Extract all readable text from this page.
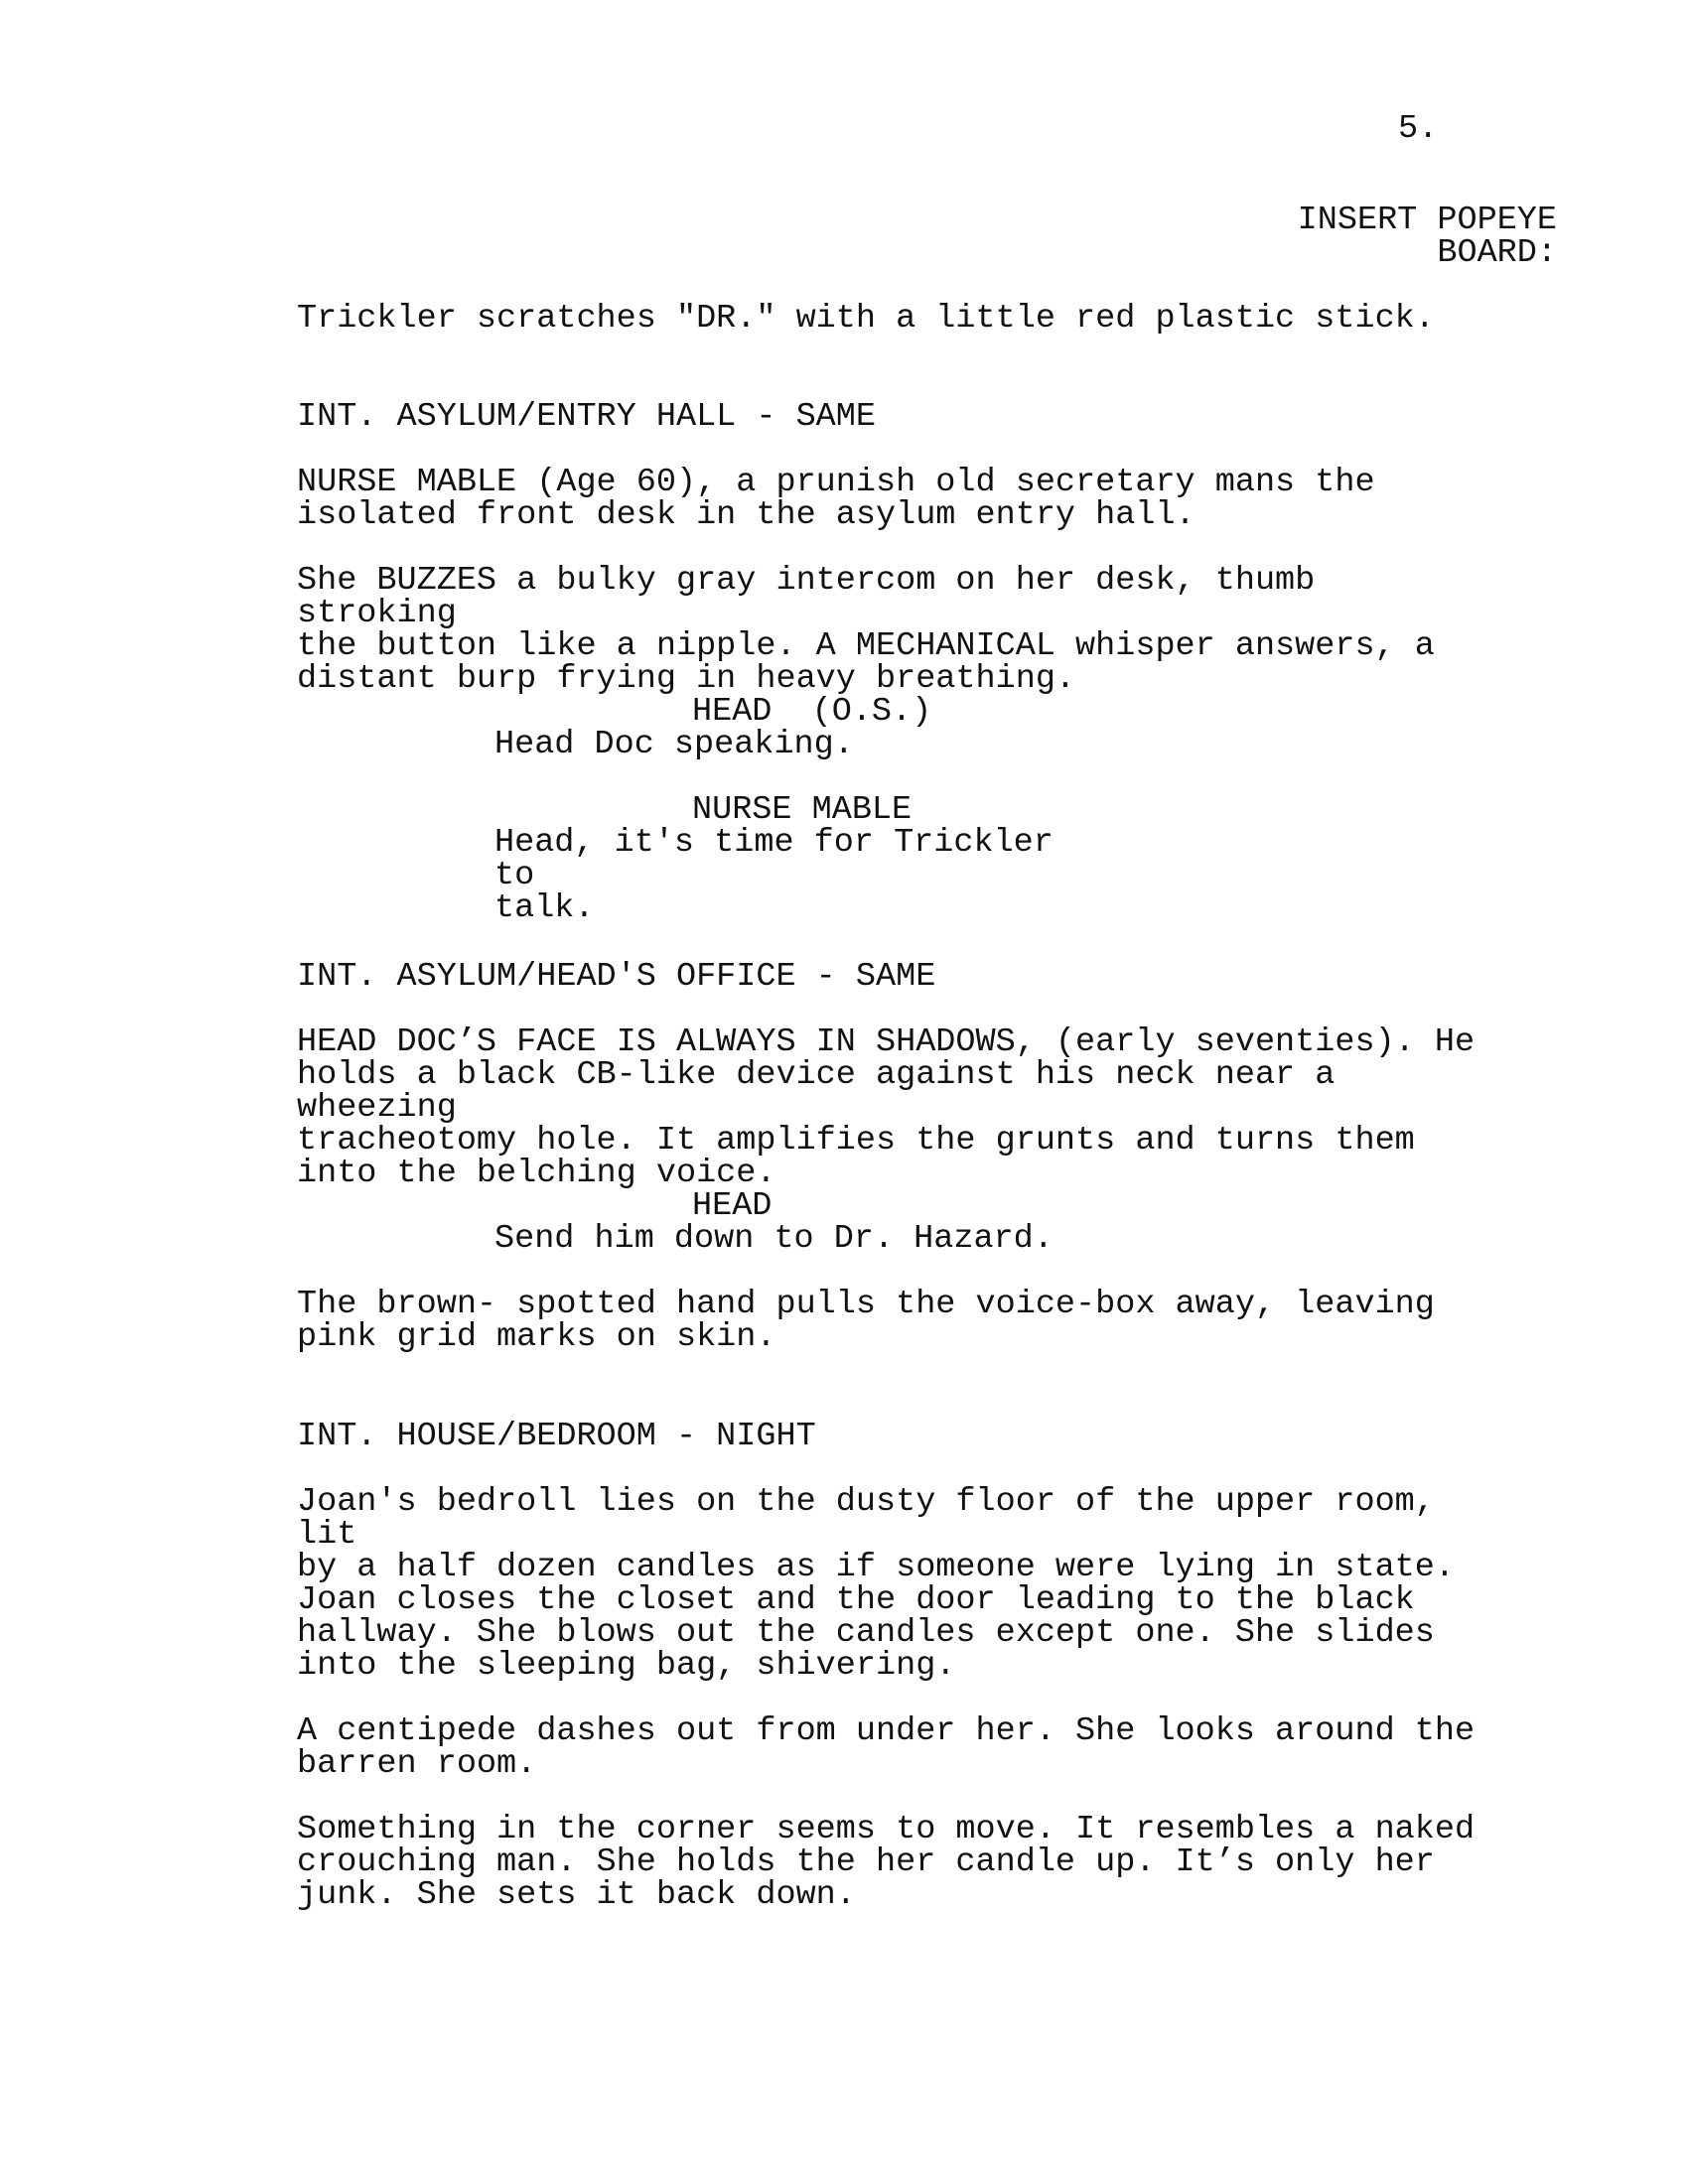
5.
INSERT POPEYE
BOARD:
Trickler scratches "DR." with a little red plastic stick.
INT. ASYLUM/ENTRY HALL - SAME
NURSE MABLE (Age 60), a prunish old secretary mans the
isolated front desk in the asylum entry hall.
She BUZZES a bulky gray intercom on her desk, thumb stroking
the button like a nipple. A MECHANICAL whisper answers, a
distant burp frying in heavy breathing.
HEAD  (O.S.)
Head Doc speaking.
NURSE MABLE
Head, it's time for Trickler to
talk.
INT. ASYLUM/HEAD'S OFFICE - SAME
HEAD DOC’S FACE IS ALWAYS IN SHADOWS, (early seventies). He
holds a black CB-like device against his neck near a wheezing
tracheotomy hole. It amplifies the grunts and turns them
into the belching voice.
HEAD
Send him down to Dr. Hazard.
The brown- spotted hand pulls the voice-box away, leaving
pink grid marks on skin.
INT. HOUSE/BEDROOM - NIGHT
Joan's bedroll lies on the dusty floor of the upper room, lit
by a half dozen candles as if someone were lying in state.
Joan closes the closet and the door leading to the black
hallway. She blows out the candles except one. She slides
into the sleeping bag, shivering.
A centipede dashes out from under her. She looks around the
barren room.
Something in the corner seems to move. It resembles a naked
crouching man. She holds the her candle up. It’s only her
junk. She sets it back down.
